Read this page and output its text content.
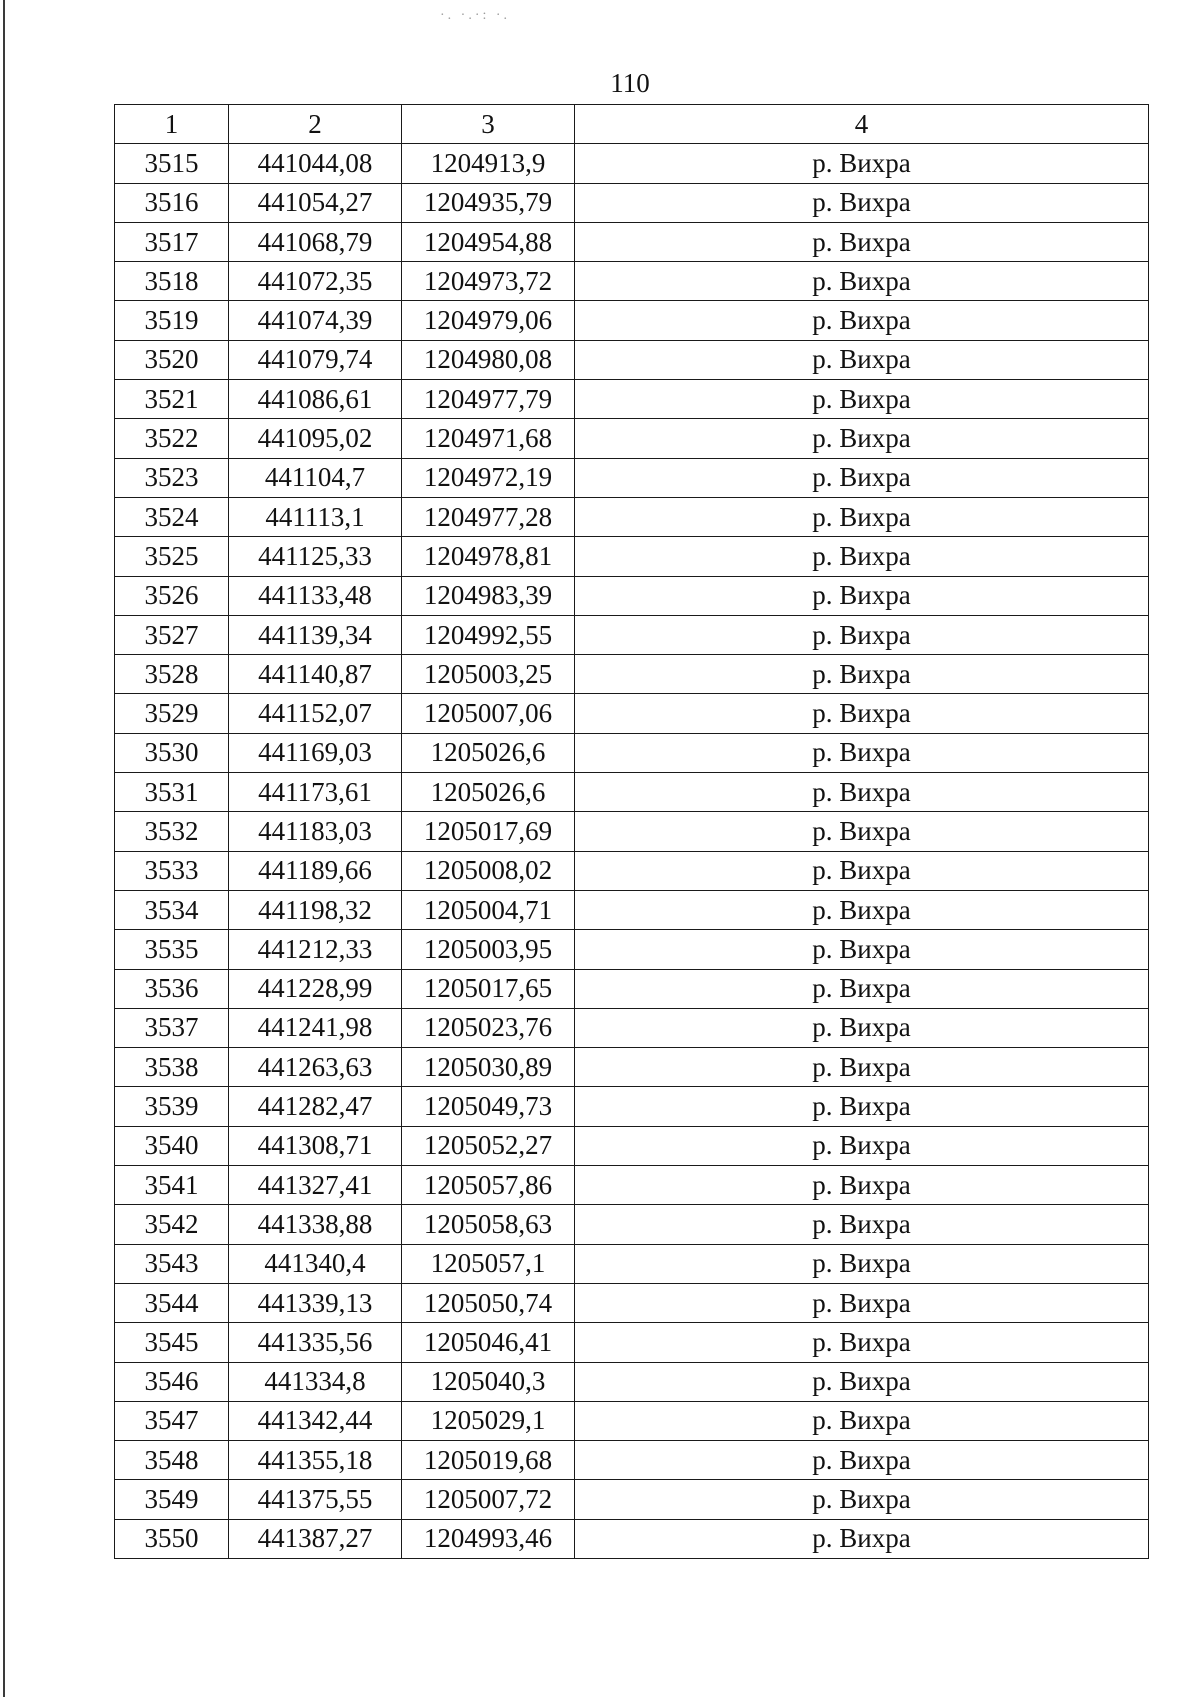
·. ·.·: ·.
110
1	2	3	4
3515	441044,08	1204913,9	р. Вихра
3516	441054,27	1204935,79	р. Вихра
3517	441068,79	1204954,88	р. Вихра
3518	441072,35	1204973,72	р. Вихра
3519	441074,39	1204979,06	р. Вихра
3520	441079,74	1204980,08	р. Вихра
3521	441086,61	1204977,79	р. Вихра
3522	441095,02	1204971,68	р. Вихра
3523	441104,7	1204972,19	р. Вихра
3524	441113,1	1204977,28	р. Вихра
3525	441125,33	1204978,81	р. Вихра
3526	441133,48	1204983,39	р. Вихра
3527	441139,34	1204992,55	р. Вихра
3528	441140,87	1205003,25	р. Вихра
3529	441152,07	1205007,06	р. Вихра
3530	441169,03	1205026,6	р. Вихра
3531	441173,61	1205026,6	р. Вихра
3532	441183,03	1205017,69	р. Вихра
3533	441189,66	1205008,02	р. Вихра
3534	441198,32	1205004,71	р. Вихра
3535	441212,33	1205003,95	р. Вихра
3536	441228,99	1205017,65	р. Вихра
3537	441241,98	1205023,76	р. Вихра
3538	441263,63	1205030,89	р. Вихра
3539	441282,47	1205049,73	р. Вихра
3540	441308,71	1205052,27	р. Вихра
3541	441327,41	1205057,86	р. Вихра
3542	441338,88	1205058,63	р. Вихра
3543	441340,4	1205057,1	р. Вихра
3544	441339,13	1205050,74	р. Вихра
3545	441335,56	1205046,41	р. Вихра
3546	441334,8	1205040,3	р. Вихра
3547	441342,44	1205029,1	р. Вихра
3548	441355,18	1205019,68	р. Вихра
3549	441375,55	1205007,72	р. Вихра
3550	441387,27	1204993,46	р. Вихра
